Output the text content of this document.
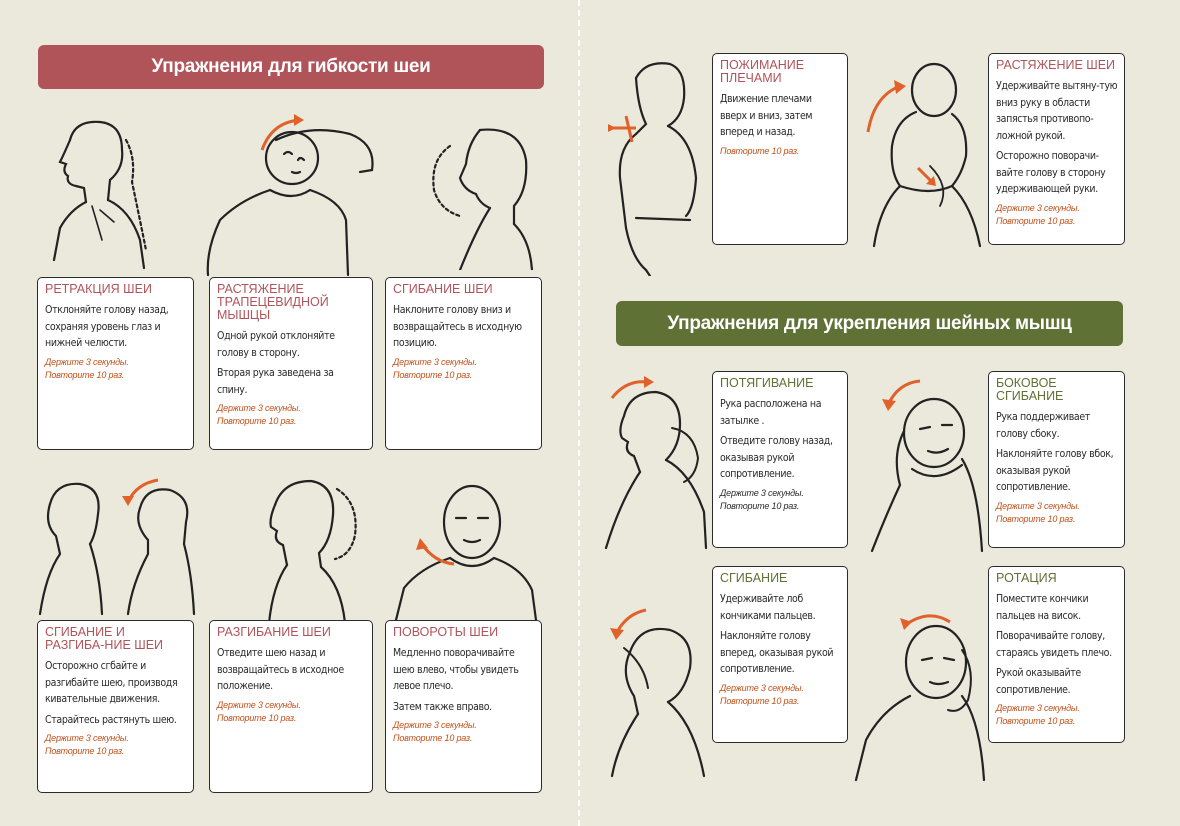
Упражнения для гибкости шеи
РЕТРАКЦИЯ ШЕИ

Отклоняйте голову назад, сохраняя уровень глаз и нижней челюсти.

Держите 3 секунды.
Повторите 10 раз.
РАСТЯЖЕНИЕ ТРАПЕЦЕВИДНОЙ МЫШЦЫ

Одной рукой отклоняйте голову в сторону.

Вторая рука заведена за спину.

Держите 3 секунды.
Повторите 10 раз.
СГИБАНИЕ ШЕИ

Наклоните голову вниз и возвращайтесь в исходную позицию.

Держите 3 секунды.
Повторите 10 раз.
СГИБАНИЕ И РАЗГИБА-НИЕ ШЕИ

Осторожно сгбайте и разгибайте шею, производя кивательные движения.

Старайтесь растянуть шею.

Держите 3 секунды.
Повторите 10 раз.
РАЗГИБАНИЕ ШЕИ

Отведите шею назад и возвращайтесь в исходное положение.

Держите 3 секунды.
Повторите 10 раз.
ПОВОРОТЫ ШЕИ

Медленно поворачивайте шею влево, чтобы увидеть левое плечо.

Затем также вправо.

Держите 3 секунды.
Повторите 10 раз.
ПОЖИМАНИЕ ПЛЕЧАМИ

Движение плечами вверх и вниз, затем вперед и назад.

Повторите 10 раз.
РАСТЯЖЕНИЕ ШЕИ

Удерживайте вытяну-тую вниз руку в области запястья противопо-ложной рукой.

Осторожно поворачи-вайте голову в сторону удерживающей руки.

Держите 3 секунды.
Повторите 10 раз.
Упражнения для укрепления шейных мышц
ПОТЯГИВАНИЕ

Рука расположена на затылке .

Отведите голову назад, оказывая рукой сопротивление.

Держите 3 секунды.
Повторите 10 раз.
БОКОВОЕ СГИБАНИЕ

Рука поддерживает голову сбоку.

Наклоняйте голову вбок, оказывая рукой сопротивление.

Держите 3 секунды.
Повторите 10 раз.
СГИБАНИЕ

Удерживайте лоб кончиками пальцев.

Наклоняйте голову вперед, оказывая рукой сопротивление.

Держите 3 секунды.
Повторите 10 раз.
РОТАЦИЯ

Поместите кончики пальцев на висок.

Поворачивайте голову, стараясь увидеть плечо.

Рукой оказывайте сопротивление.

Держите 3 секунды.
Повторите 10 раз.
